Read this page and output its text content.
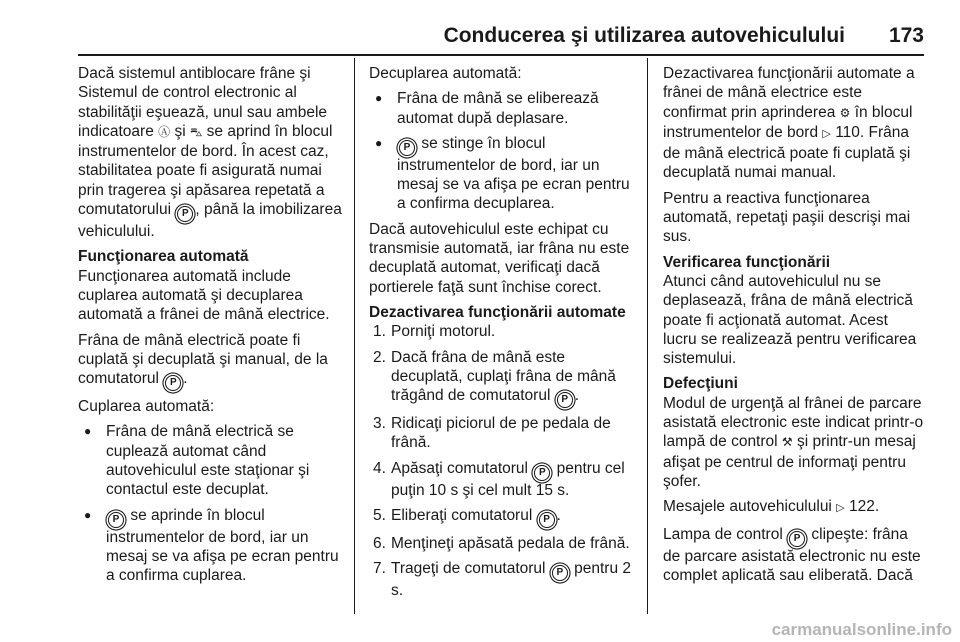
Conducerea şi utilizarea autovehiculului 173

Dacă sistemul antiblocare frâne şi Sistemul de control electronic al stabilităţii eşuează, unul sau ambele indicatoare Ⓐ şi ⛍ se aprind în blocul instrumentelor de bord. În acest caz, stabilitatea poate fi asigurată numai prin tragerea şi apăsarea repetată a comutatorului P , până la imobilizarea vehiculului.

Funcţionarea automată

Funcţionarea automată include cuplarea automată şi decuplarea automată a frânei de mână electrice.

Frâna de mână electrică poate fi cuplată şi decuplată şi manual, de la comutatorul P .

Cuplarea automată:

● Frâna de mână electrică se cuplează automat când autovehiculul este staţionar şi contactul este decuplat.
● P se aprinde în blocul instrumentelor de bord, iar un mesaj se va afişa pe ecran pentru a confirma cuplarea.

Decuplarea automată:

● Frâna de mână se eliberează automat după deplasare.
● P se stinge în blocul instrumentelor de bord, iar un mesaj se va afişa pe ecran pentru a confirma decuplarea.

Dacă autovehiculul este echipat cu transmisie automată, iar frâna nu este decuplată automat, verificaţi dacă portierele faţă sunt închise corect.

Dezactivarea funcţionării automate

1. Porniţi motorul.
2. Dacă frâna de mână este decuplată, cuplaţi frâna de mână trăgând de comutatorul P .
3. Ridicaţi piciorul de pe pedala de frână.
4. Apăsaţi comutatorul P pentru cel puţin 10 s şi cel mult 15 s.
5. Eliberaţi comutatorul P .
6. Menţineţi apăsată pedala de frână.
7. Trageţi de comutatorul P pentru 2 s.

Dezactivarea funcţionării automate a frânei de mână electrice este confirmat prin aprinderea ⚙ în blocul instrumentelor de bord ▷ 110. Frâna de mână electrică poate fi cuplată şi decuplată numai manual.

Pentru a reactiva funcţionarea automată, repetaţi paşii descrişi mai sus.

Verificarea funcţionării

Atunci când autovehiculul nu se deplasează, frâna de mână electrică poate fi acţionată automat. Acest lucru se realizează pentru verificarea sistemului.

Defecţiuni

Modul de urgenţă al frânei de parcare asistată electronic este indicat printr-o lampă de control ⚒ şi printr-un mesaj afişat pe centrul de informaţi pentru şofer.

Mesajele autovehiculului ▷ 122.

Lampa de control P clipeşte: frâna de parcare asistată electronic nu este complet aplicată sau eliberată. Dacă

carmanualsonline.info
